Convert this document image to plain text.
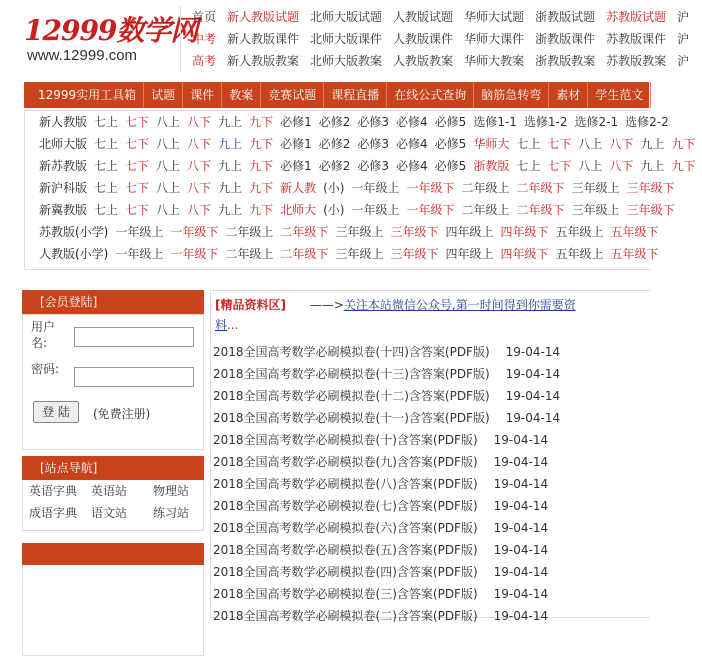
12999数学网
www.12999.com
首页 新人教版试题 北师大版试题 人教版试题 华师大试题 浙教版试题 苏教版试题 沪
中考 新人教版课件 北师大版课件 人教版课件 华师大课件 浙教版课件 苏教版课件 沪
高考 新人教版教案 北师大版教案 人教版教案 华师大教案 浙教版教案 苏教版教案 沪
12999实用工具箱 试题 课件 教案 竞赛试题 课程直播 在线公式查询 脑筋急转弯 素材 学生范文
新人教版 七上 七下 八上 八下 九上 九下 必修1 必修2 必修3 必修4 必修5 选修1-1 选修1-2 选修2-1 选修2-2
北师大版 七上 七下 八上 八下 九上 九下 必修1 必修2 必修3 必修4 必修5 华师大 七上 七下 八上 八下 九上 九下
新苏教版 七上 七下 八上 八下 九上 九下 必修1 必修2 必修3 必修4 必修5 浙教版 七上 七下 八上 八下 九上 九下
新沪科版 七上 七下 八上 八下 九上 九下 新人教 (小) 一年级上 一年级下 二年级上 二年级下 三年级上 三年级下
新冀教版 七上 七下 八上 八下 九上 九下 北师大 (小) 一年级上 一年级下 二年级上 二年级下 三年级上 三年级下
苏教版(小学) 一年级上 一年级下 二年级上 二年级下 三年级上 三年级下 四年级上 四年级下 五年级上 五年级下
人教版(小学) 一年级上 一年级下 二年级上 二年级下 三年级上 三年级下 四年级上 四年级下 五年级上 五年级下
[会员登陆]
用户名:
密码:
登 陆	(免费注册)
[站点导航]
英语字典 英语站 物理站
成语字典 语文站 练习站
[精品资料区] ——>关注本站微信公众号,第一时间得到你需要资料...
2018全国高考数学必刷模拟卷(十四)含答案(PDF版) 19-04-14
2018全国高考数学必刷模拟卷(十三)含答案(PDF版) 19-04-14
2018全国高考数学必刷模拟卷(十二)含答案(PDF版) 19-04-14
2018全国高考数学必刷模拟卷(十一)含答案(PDF版) 19-04-14
2018全国高考数学必刷模拟卷(十)含答案(PDF版) 19-04-14
2018全国高考数学必刷模拟卷(九)含答案(PDF版) 19-04-14
2018全国高考数学必刷模拟卷(八)含答案(PDF版) 19-04-14
2018全国高考数学必刷模拟卷(七)含答案(PDF版) 19-04-14
2018全国高考数学必刷模拟卷(六)含答案(PDF版) 19-04-14
2018全国高考数学必刷模拟卷(五)含答案(PDF版) 19-04-14
2018全国高考数学必刷模拟卷(四)含答案(PDF版) 19-04-14
2018全国高考数学必刷模拟卷(三)含答案(PDF版) 19-04-14
2018全国高考数学必刷模拟卷(二)含答案(PDF版) 19-04-14
